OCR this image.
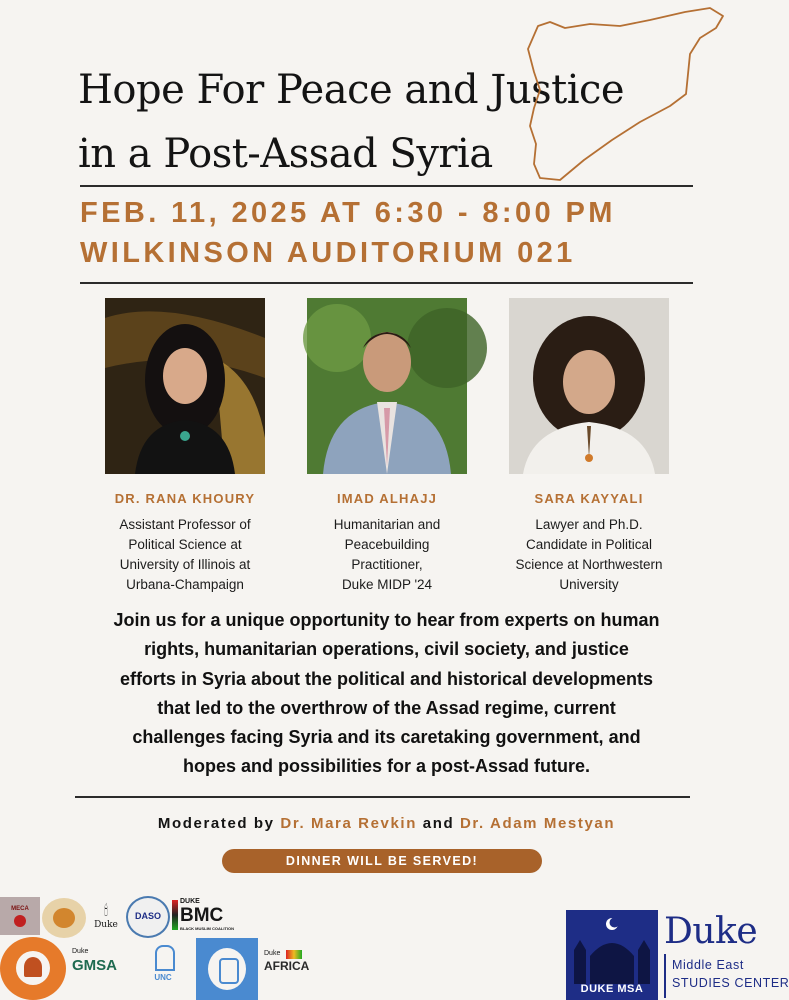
Hope For Peace and Justice
in a Post-Assad Syria
FEB. 11, 2025 AT 6:30 - 8:00 PM
WILKINSON AUDITORIUM 021
DR. RANA KHOURY
Assistant Professor of
Political Science at
University of Illinois at
Urbana-Champaign
IMAD ALHAJJ
Humanitarian and
Peacebuilding
Practitioner,
Duke MIDP '24
SARA KAYYALI
Lawyer and Ph.D.
Candidate in Political
Science at Northwestern
University
Join us for a unique opportunity to hear from experts on human
rights, humanitarian operations, civil society, and justice
efforts in Syria about the political and historical developments
that led to the overthrow of the Assad regime, current
challenges facing Syria and its caretaking government, and
hopes and possibilities for a post-Assad future.
Moderated by Dr. Mara Revkin and Dr. Adam Mestyan
DINNER WILL BE SERVED!
MECA	🕯
Duke
DASO
DUKE
BMC
BLACK MUSLIM COALITION
Duke
GMSA
UNC
Duke
AFRICA
DUKE MSA
Duke
Middle East
STUDIES CENTER
